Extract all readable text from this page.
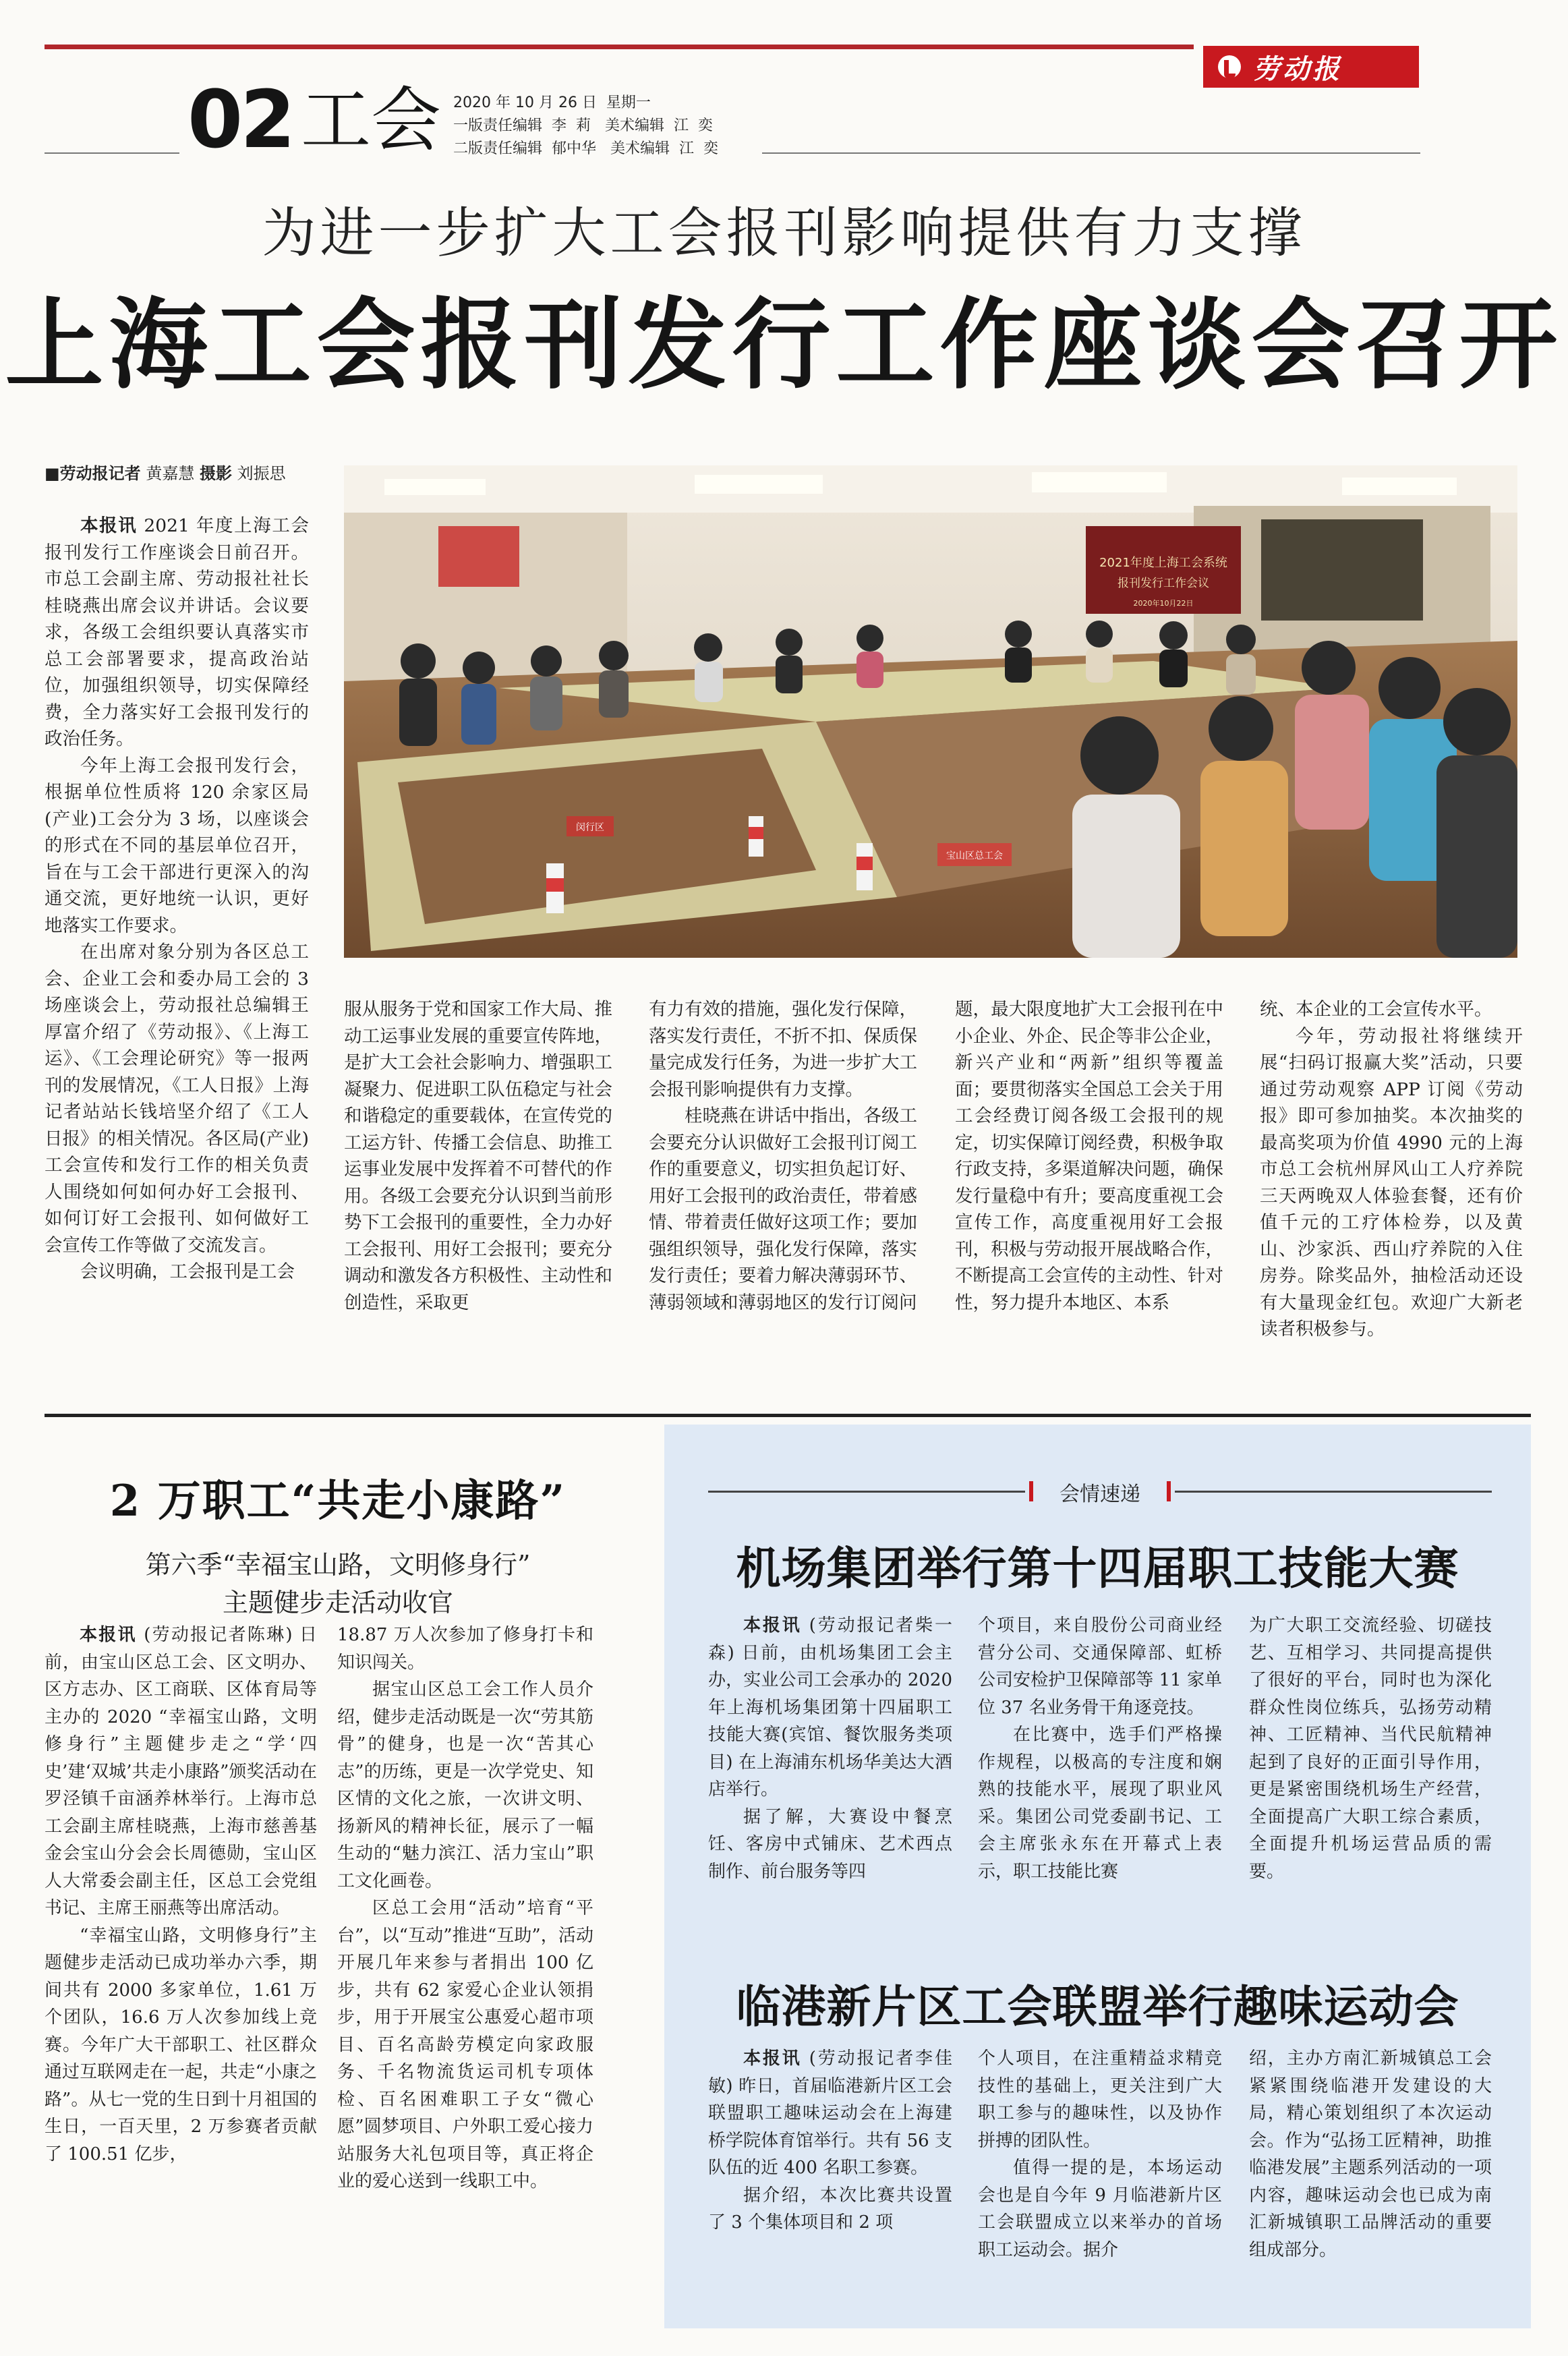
劳动报
02 工会 2020 年 10 月 26 日  星期一
一版责任编辑  李  莉   美术编辑  江  奕
二版责任编辑  郁中华   美术编辑  江  奕
为进一步扩大工会报刊影响提供有力支撑
上海工会报刊发行工作座谈会召开
■劳动报记者 黄嘉慧 摄影 刘振思

本报讯 2021 年度上海工会报刊发行工作座谈会日前召开。市总工会副主席、劳动报社社长桂晓燕出席会议并讲话。会议要求，各级工会组织要认真落实市总工会部署要求，提高政治站位，加强组织领导，切实保障经费，全力落实好工会报刊发行的政治任务。

今年上海工会报刊发行会，根据单位性质将 120 余家区局(产业)工会分为 3 场，以座谈会的形式在不同的基层单位召开，旨在与工会干部进行更深入的沟通交流，更好地统一认识，更好地落实工作要求。

在出席对象分别为各区总工会、企业工会和委办局工会的 3 场座谈会上，劳动报社总编辑王厚富介绍了《劳动报》、《上海工运》、《工会理论研究》等一报两刊的发展情况，《工人日报》上海记者站站长钱培坚介绍了《工人日报》的相关情况。各区局(产业)工会宣传和发行工作的相关负责人围绕如何如何办好工会报刊、如何订好工会报刊、如何做好工会宣传工作等做了交流发言。

会议明确，工会报刊是工会

2021年度上海工会系统
报刊发行工作会议
2020年10月22日
闵行区
宝山区总工会

服从服务于党和国家工作大局、推动工运事业发展的重要宣传阵地，是扩大工会社会影响力、增强职工凝聚力、促进职工队伍稳定与社会和谐稳定的重要载体，在宣传党的工运方针、传播工会信息、助推工运事业发展中发挥着不可替代的作用。各级工会要充分认识到当前形势下工会报刊的重要性，全力办好工会报刊、用好工会报刊；要充分调动和激发各方积极性、主动性和创造性，采取更

有力有效的措施，强化发行保障，落实发行责任，不折不扣、保质保量完成发行任务，为进一步扩大工会报刊影响提供有力支撑。

桂晓燕在讲话中指出，各级工会要充分认识做好工会报刊订阅工作的重要意义，切实担负起订好、用好工会报刊的政治责任，带着感情、带着责任做好这项工作；要加强组织领导，强化发行保障，落实发行责任；要着力解决薄弱环节、薄弱领域和薄弱地区的发行订阅问

题，最大限度地扩大工会报刊在中小企业、外企、民企等非公企业，新兴产业和“两新”组织等覆盖面；要贯彻落实全国总工会关于用工会经费订阅各级工会报刊的规定，切实保障订阅经费，积极争取行政支持，多渠道解决问题，确保发行量稳中有升；要高度重视工会宣传工作，高度重视用好工会报刊，积极与劳动报开展战略合作，不断提高工会宣传的主动性、针对性，努力提升本地区、本系

统、本企业的工会宣传水平。

今年，劳动报社将继续开展“扫码订报赢大奖”活动，只要通过劳动观察 APP 订阅《劳动报》即可参加抽奖。本次抽奖的最高奖项为价值 4990 元的上海市总工会杭州屏风山工人疗养院三天两晚双人体验套餐，还有价值千元的工疗体检券，以及黄山、沙家浜、西山疗养院的入住房券。除奖品外，抽检活动还设有大量现金红包。欢迎广大新老读者积极参与。

2 万职工“共走小康路”
第六季“幸福宝山路，文明修身行”
主题健步走活动收官

本报讯 (劳动报记者陈琳) 日前，由宝山区总工会、区文明办、区方志办、区工商联、区体育局等主办的 2020 “幸福宝山路，文明修身行”主题健步走之“学‘四史’建‘双城’共走小康路”颁奖活动在罗泾镇千亩涵养林举行。上海市总工会副主席桂晓燕，上海市慈善基金会宝山分会会长周德勋，宝山区人大常委会副主任，区总工会党组书记、主席王丽燕等出席活动。

“幸福宝山路，文明修身行”主题健步走活动已成功举办六季，期间共有 2000 多家单位，1.61 万个团队，16.6 万人次参加线上竞赛。今年广大干部职工、社区群众通过互联网走在一起，共走“小康之路”。从七一党的生日到十月祖国的生日，一百天里，2 万参赛者贡献了 100.51 亿步，

18.87 万人次参加了修身打卡和知识闯关。

据宝山区总工会工作人员介绍，健步走活动既是一次“劳其筋骨”的健身，也是一次“苦其心志”的历练，更是一次学党史、知区情的文化之旅，一次讲文明、扬新风的精神长征，展示了一幅生动的“魅力滨江、活力宝山”职工文化画卷。

区总工会用“活动”培育“平台”，以“互动”推进“互助”，活动开展几年来参与者捐出 100 亿步，共有 62 家爱心企业认领捐步，用于开展宝公惠爱心超市项目、百名高龄劳模定向家政服务、千名物流货运司机专项体检、百名困难职工子女“微心愿”圆梦项目、户外职工爱心接力站服务大礼包项目等，真正将企业的爱心送到一线职工中。

会情速递
机场集团举行第十四届职工技能大赛

本报讯 (劳动报记者柴一森) 日前，由机场集团工会主办，实业公司工会承办的 2020 年上海机场集团第十四届职工技能大赛(宾馆、餐饮服务类项目) 在上海浦东机场华美达大酒店举行。

据了解，大赛设中餐烹饪、客房中式铺床、艺术西点制作、前台服务等四

个项目，来自股份公司商业经营分公司、交通保障部、虹桥公司安检护卫保障部等 11 家单位 37 名业务骨干角逐竞技。

在比赛中，选手们严格操作规程，以极高的专注度和娴熟的技能水平，展现了职业风采。集团公司党委副书记、工会主席张永东在开幕式上表示，职工技能比赛

为广大职工交流经验、切磋技艺、互相学习、共同提高提供了很好的平台，同时也为深化群众性岗位练兵，弘扬劳动精神、工匠精神、当代民航精神起到了良好的正面引导作用，更是紧密围绕机场生产经营，全面提高广大职工综合素质，全面提升机场运营品质的需要。

临港新片区工会联盟举行趣味运动会

本报讯 (劳动报记者李佳敏) 昨日，首届临港新片区工会联盟职工趣味运动会在上海建桥学院体育馆举行。共有 56 支队伍的近 400 名职工参赛。

据介绍，本次比赛共设置了 3 个集体项目和 2 项

个人项目，在注重精益求精竞技性的基础上，更关注到广大职工参与的趣味性，以及协作拼搏的团队性。

值得一提的是，本场运动会也是自今年 9 月临港新片区工会联盟成立以来举办的首场职工运动会。据介

绍，主办方南汇新城镇总工会紧紧围绕临港开发建设的大局，精心策划组织了本次运动会。作为“弘扬工匠精神，助推临港发展”主题系列活动的一项内容，趣味运动会也已成为南汇新城镇职工品牌活动的重要组成部分。
